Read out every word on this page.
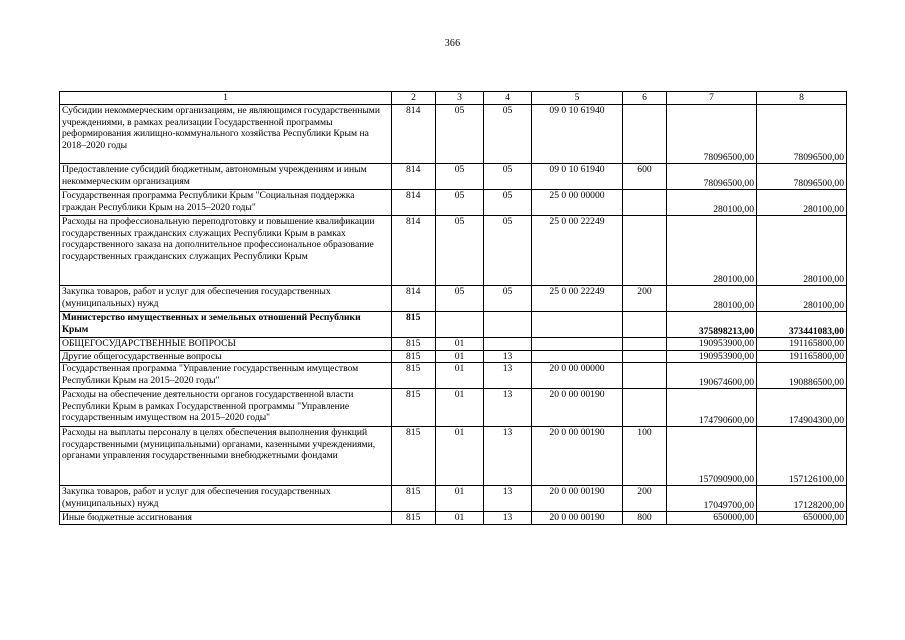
366
1	2	3	4	5	6	7	8
Субсидии некоммерческим организациям, не являющимся государственными учреждениями, в рамках реализации Государственной программы реформирования жилищно-коммунального хозяйства Республики Крым на 2018–2020 годы	814	05	05	09 0 10 61940		78096500,00	78096500,00
Предоставление субсидий бюджетным, автономным учреждениям и иным некоммерческим организациям	814	05	05	09 0 10 61940	600	78096500,00	78096500,00
Государственная программа Республики Крым "Социальная поддержка граждан Республики Крым на 2015–2020 годы"	814	05	05	25 0 00 00000		280100,00	280100,00
Расходы на профессиональную переподготовку и повышение квалификации государственных гражданских служащих Республики Крым в рамках государственного заказа на дополнительное профессиональное образование государственных гражданских служащих Республики Крым	814	05	05	25 0 00 22249		280100,00	280100,00
Закупка товаров, работ и услуг для обеспечения государственных (муниципальных) нужд	814	05	05	25 0 00 22249	200	280100,00	280100,00
Министерство имущественных и земельных отношений Республики Крым	815					375898213,00	373441083,00
ОБЩЕГОСУДАРСТВЕННЫЕ ВОПРОСЫ	815	01				190953900,00	191165800,00
Другие общегосударственные вопросы	815	01	13			190953900,00	191165800,00
Государственная программа "Управление государственным имуществом Республики Крым на 2015–2020 годы"	815	01	13	20 0 00 00000		190674600,00	190886500,00
Расходы на обеспечение деятельности органов государственной власти Республики Крым в рамках Государственной программы "Управление государственным имуществом на 2015–2020 годы"	815	01	13	20 0 00 00190		174790600,00	174904300,00
Расходы на выплаты персоналу в целях обеспечения выполнения функций государственными (муниципальными) органами, казенными учреждениями, органами управления государственными внебюджетными фондами	815	01	13	20 0 00 00190	100	157090900,00	157126100,00
Закупка товаров, работ и услуг для обеспечения государственных (муниципальных) нужд	815	01	13	20 0 00 00190	200	17049700,00	17128200,00
Иные бюджетные ассигнования	815	01	13	20 0 00 00190	800	650000,00	650000,00
